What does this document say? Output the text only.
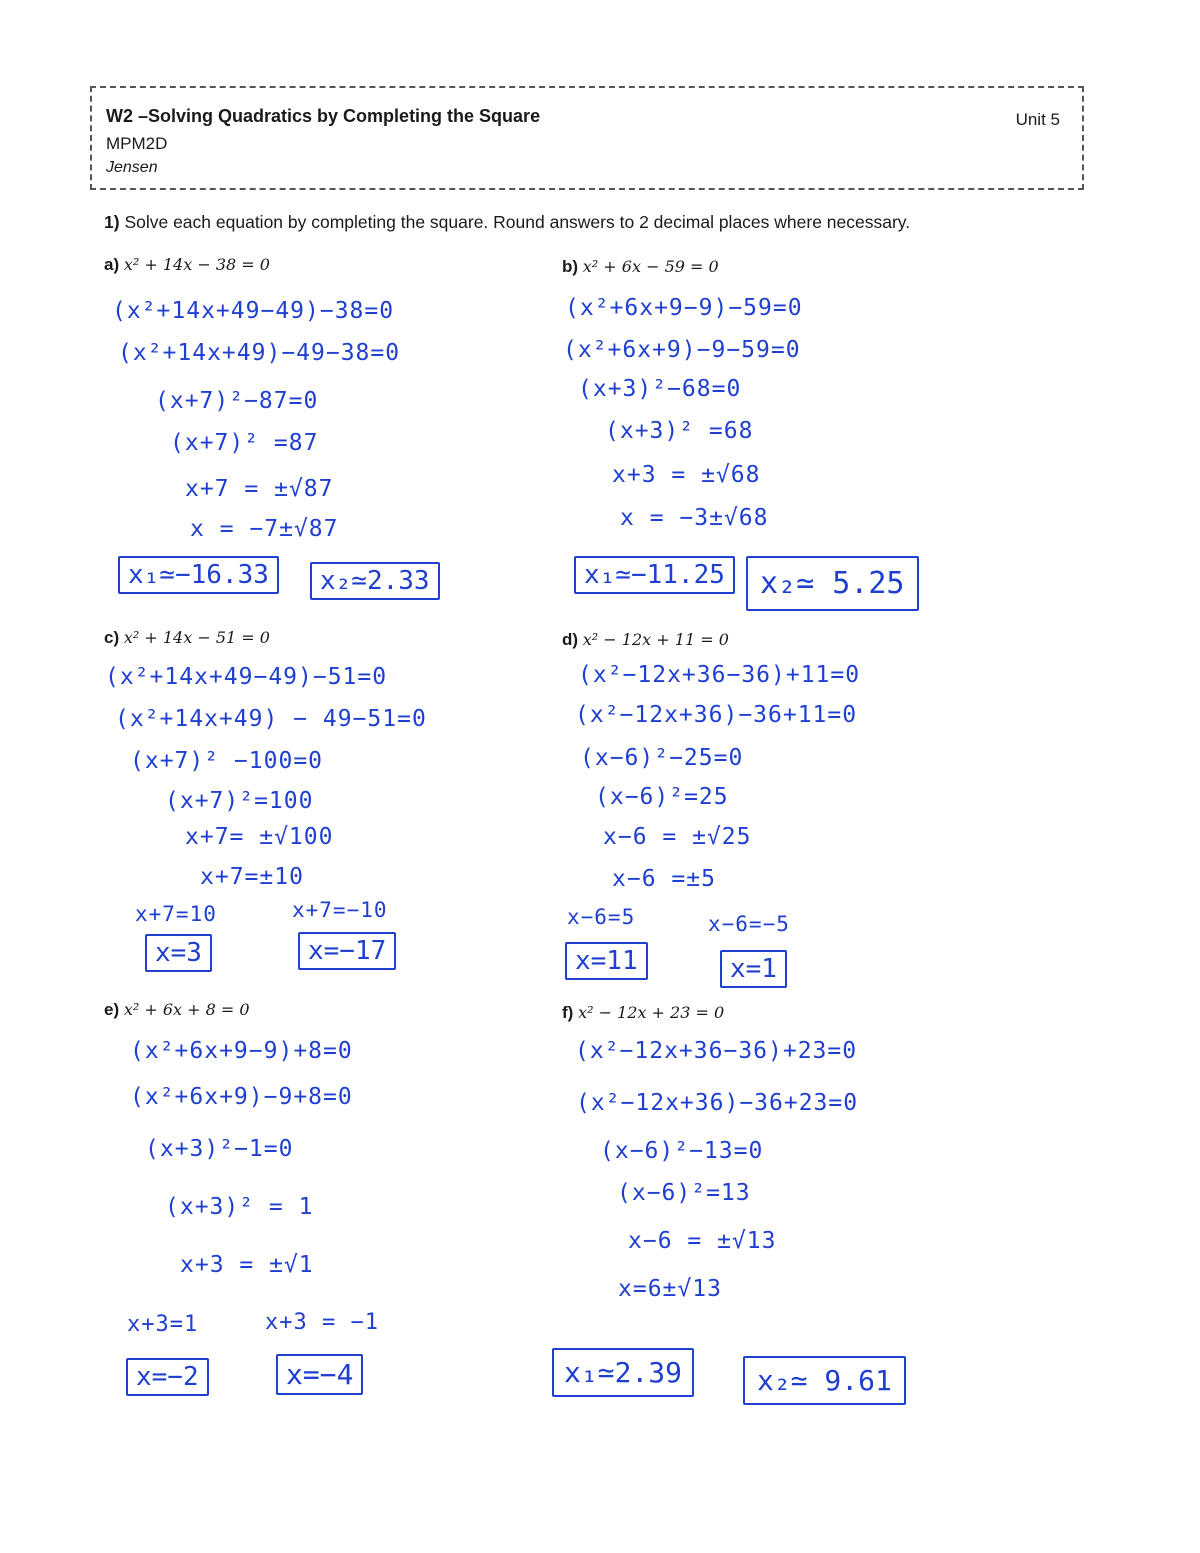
W2 –Solving Quadratics by Completing the Square
MPM2D
Jensen
Unit 5
1) Solve each equation by completing the square. Round answers to 2 decimal places where necessary.
a) x² + 14x − 38 = 0
(x²+14x+49−49)−38=0
(x²+14x+49)−49−38=0
(x+7)²−87=0
(x+7)² =87
x+7 = ±√87
x = −7±√87
x₁≃−16.33	x₂≃2.33
b) x² + 6x − 59 = 0
(x²+6x+9−9)−59=0
(x²+6x+9)−9−59=0
(x+3)²−68=0
(x+3)² =68
x+3 = ±√68
x = −3±√68
x₁≃−11.25	x₂≃ 5.25
c) x² + 14x − 51 = 0
(x²+14x+49−49)−51=0
(x²+14x+49) − 49−51=0
(x+7)² −100=0
(x+7)²=100
x+7= ±√100
x+7=±10
x+7=10	x+7=−10
x=3	x=−17
d) x² − 12x + 11 = 0
(x²−12x+36−36)+11=0
(x²−12x+36)−36+11=0
(x−6)²−25=0
(x−6)²=25
x−6 = ±√25
x−6 =±5
x−6=5	x−6=−5
x=11	x=1
e) x² + 6x + 8 = 0
(x²+6x+9−9)+8=0
(x²+6x+9)−9+8=0
(x+3)²−1=0
(x+3)² = 1
x+3 = ±√1
x+3=1	x+3 = −1
x=−2	x=−4
f) x² − 12x + 23 = 0
(x²−12x+36−36)+23=0
(x²−12x+36)−36+23=0
(x−6)²−13=0
(x−6)²=13
x−6 = ±√13
x=6±√13
x₁≃2.39	x₂≃ 9.61
